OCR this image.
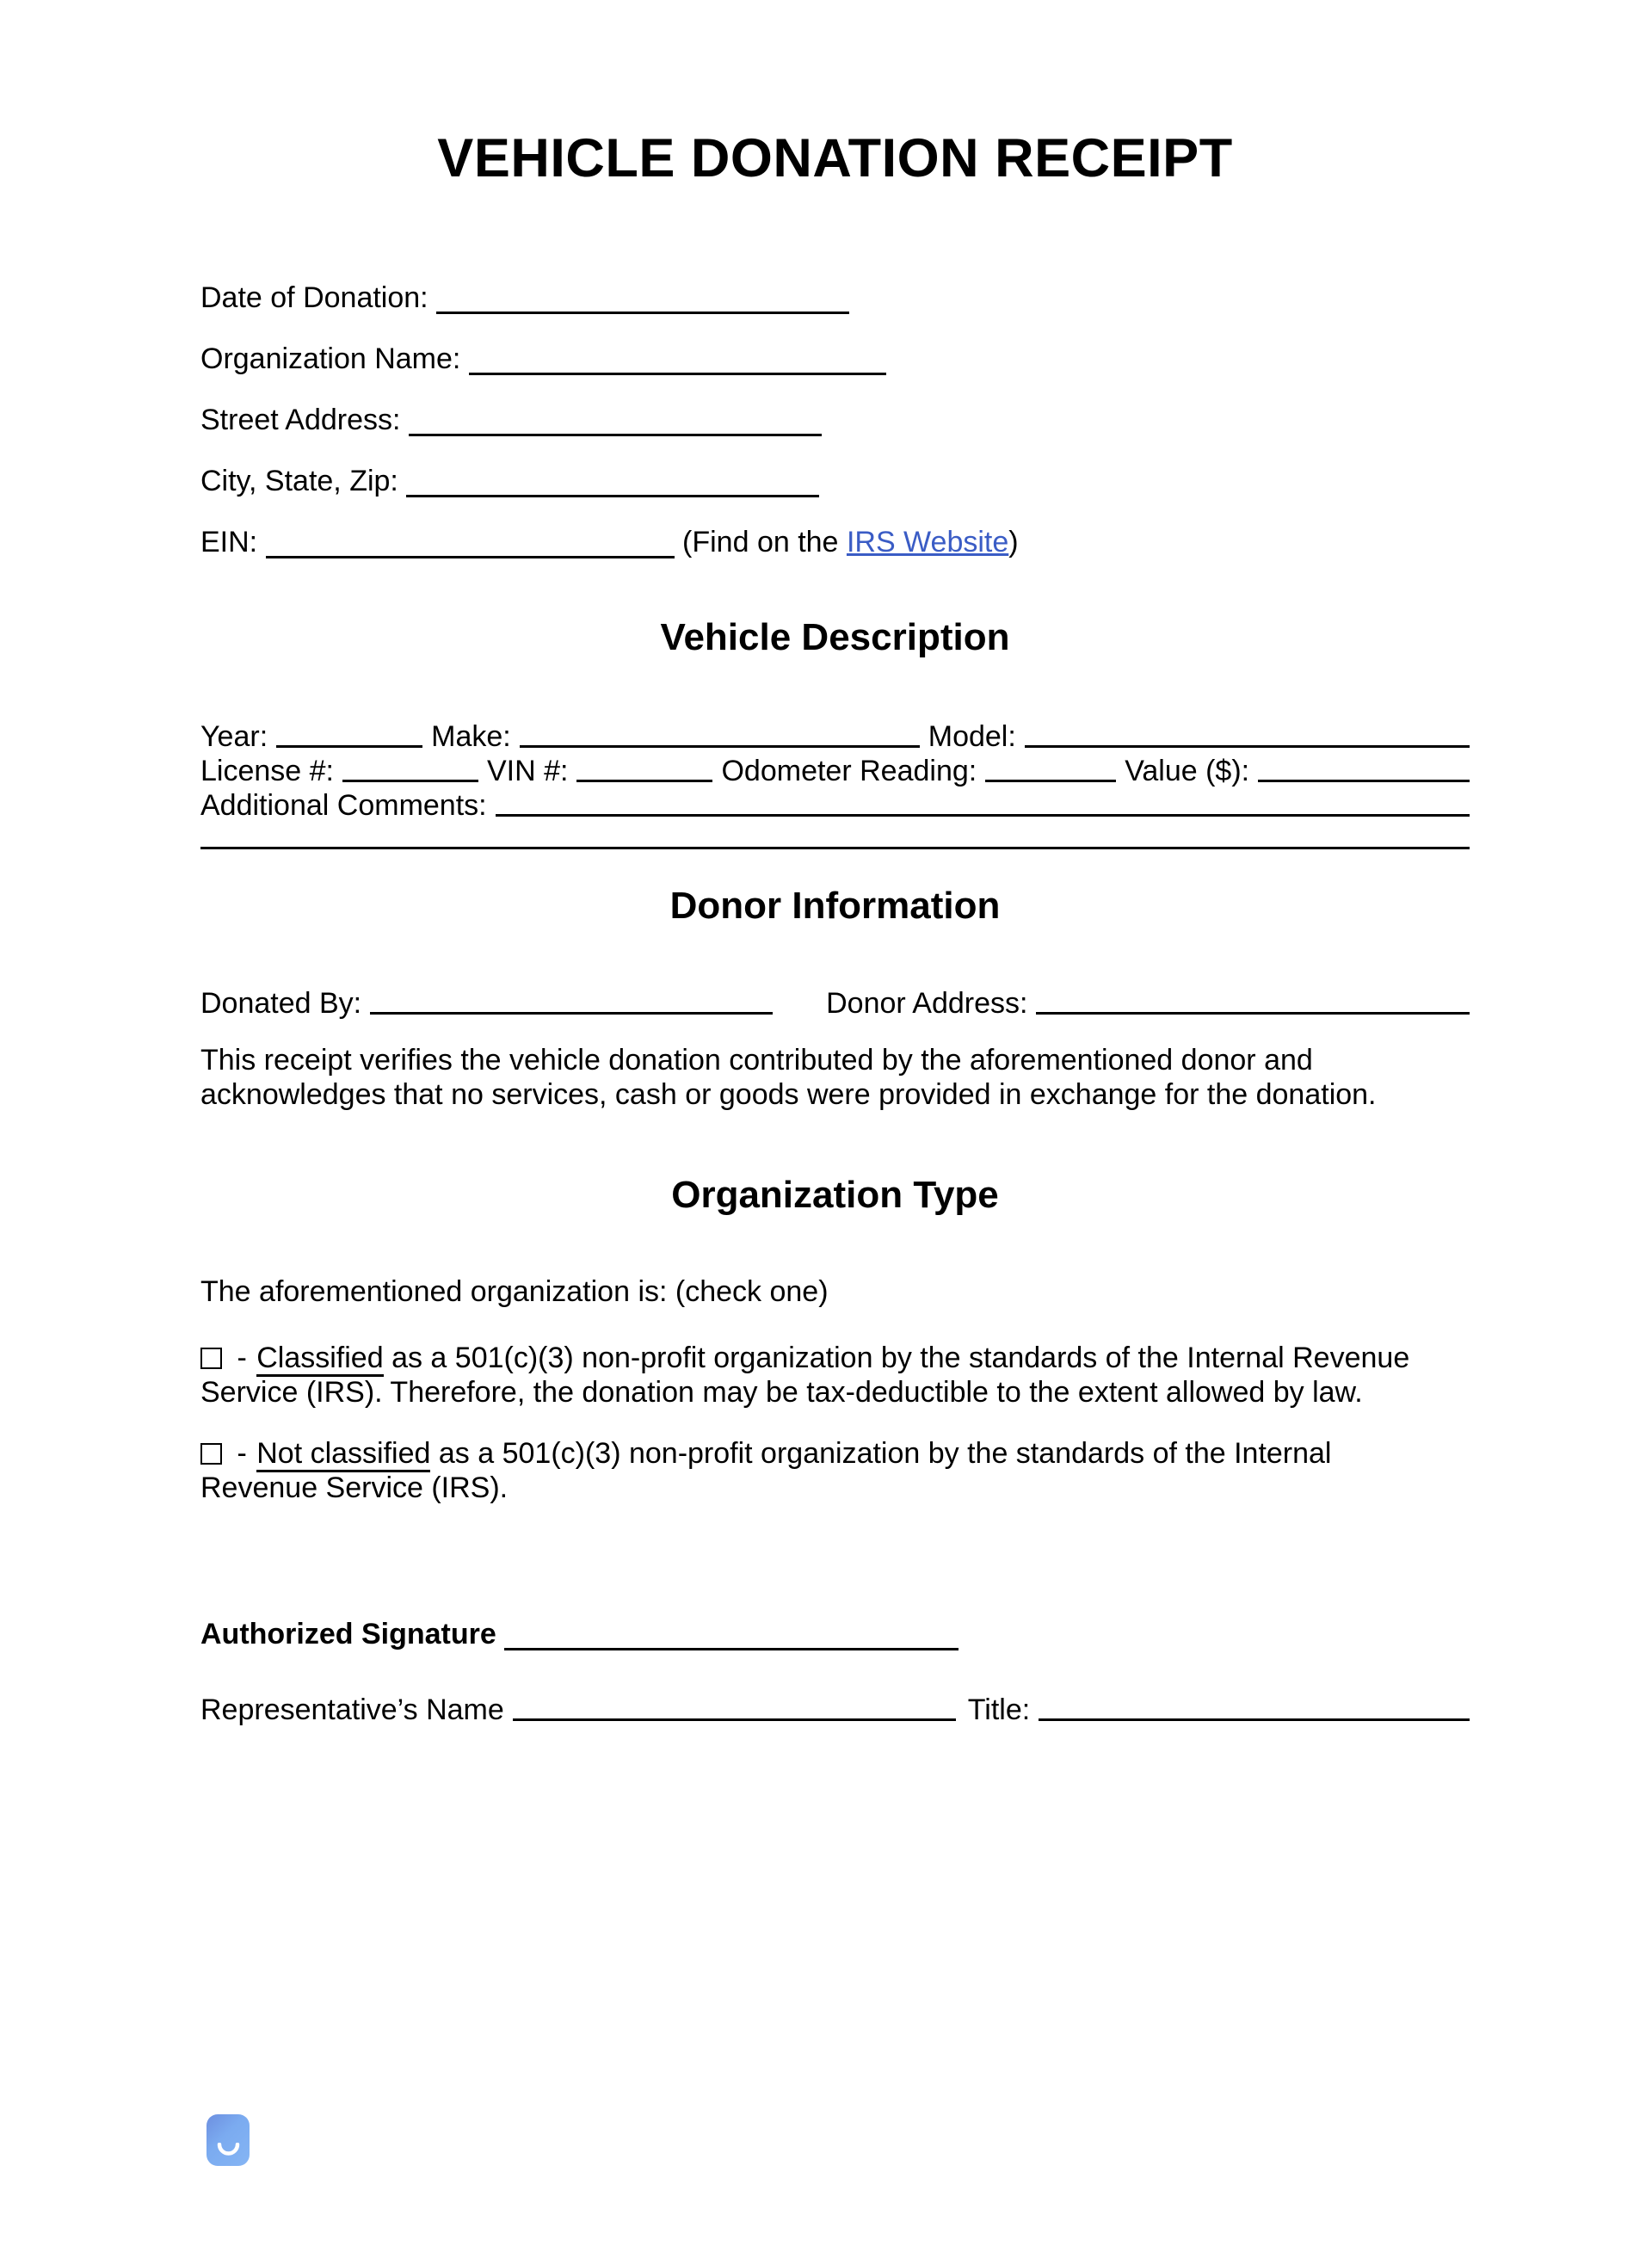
VEHICLE DONATION RECEIPT
Date of Donation:
Organization Name:
Street Address:
City, State, Zip:
EIN:	(Find on the IRS Website)
Vehicle Description
Year:	Make:	Model:
License #:	VIN #:	Odometer Reading:	Value ($):
Additional Comments:
Donor Information
Donated By:	Donor Address:
This receipt verifies the vehicle donation contributed by the aforementioned donor and
acknowledges that no services, cash or goods were provided in exchange for the donation.
Organization Type
The aforementioned organization is: (check one)
- Classified as a 501(c)(3) non-profit organization by the standards of the Internal Revenue
Service (IRS). Therefore, the donation may be tax-deductible to the extent allowed by law.
- Not classified as a 501(c)(3) non-profit organization by the standards of the Internal
Revenue Service (IRS).
Authorized Signature
Representative’s Name	Title:
